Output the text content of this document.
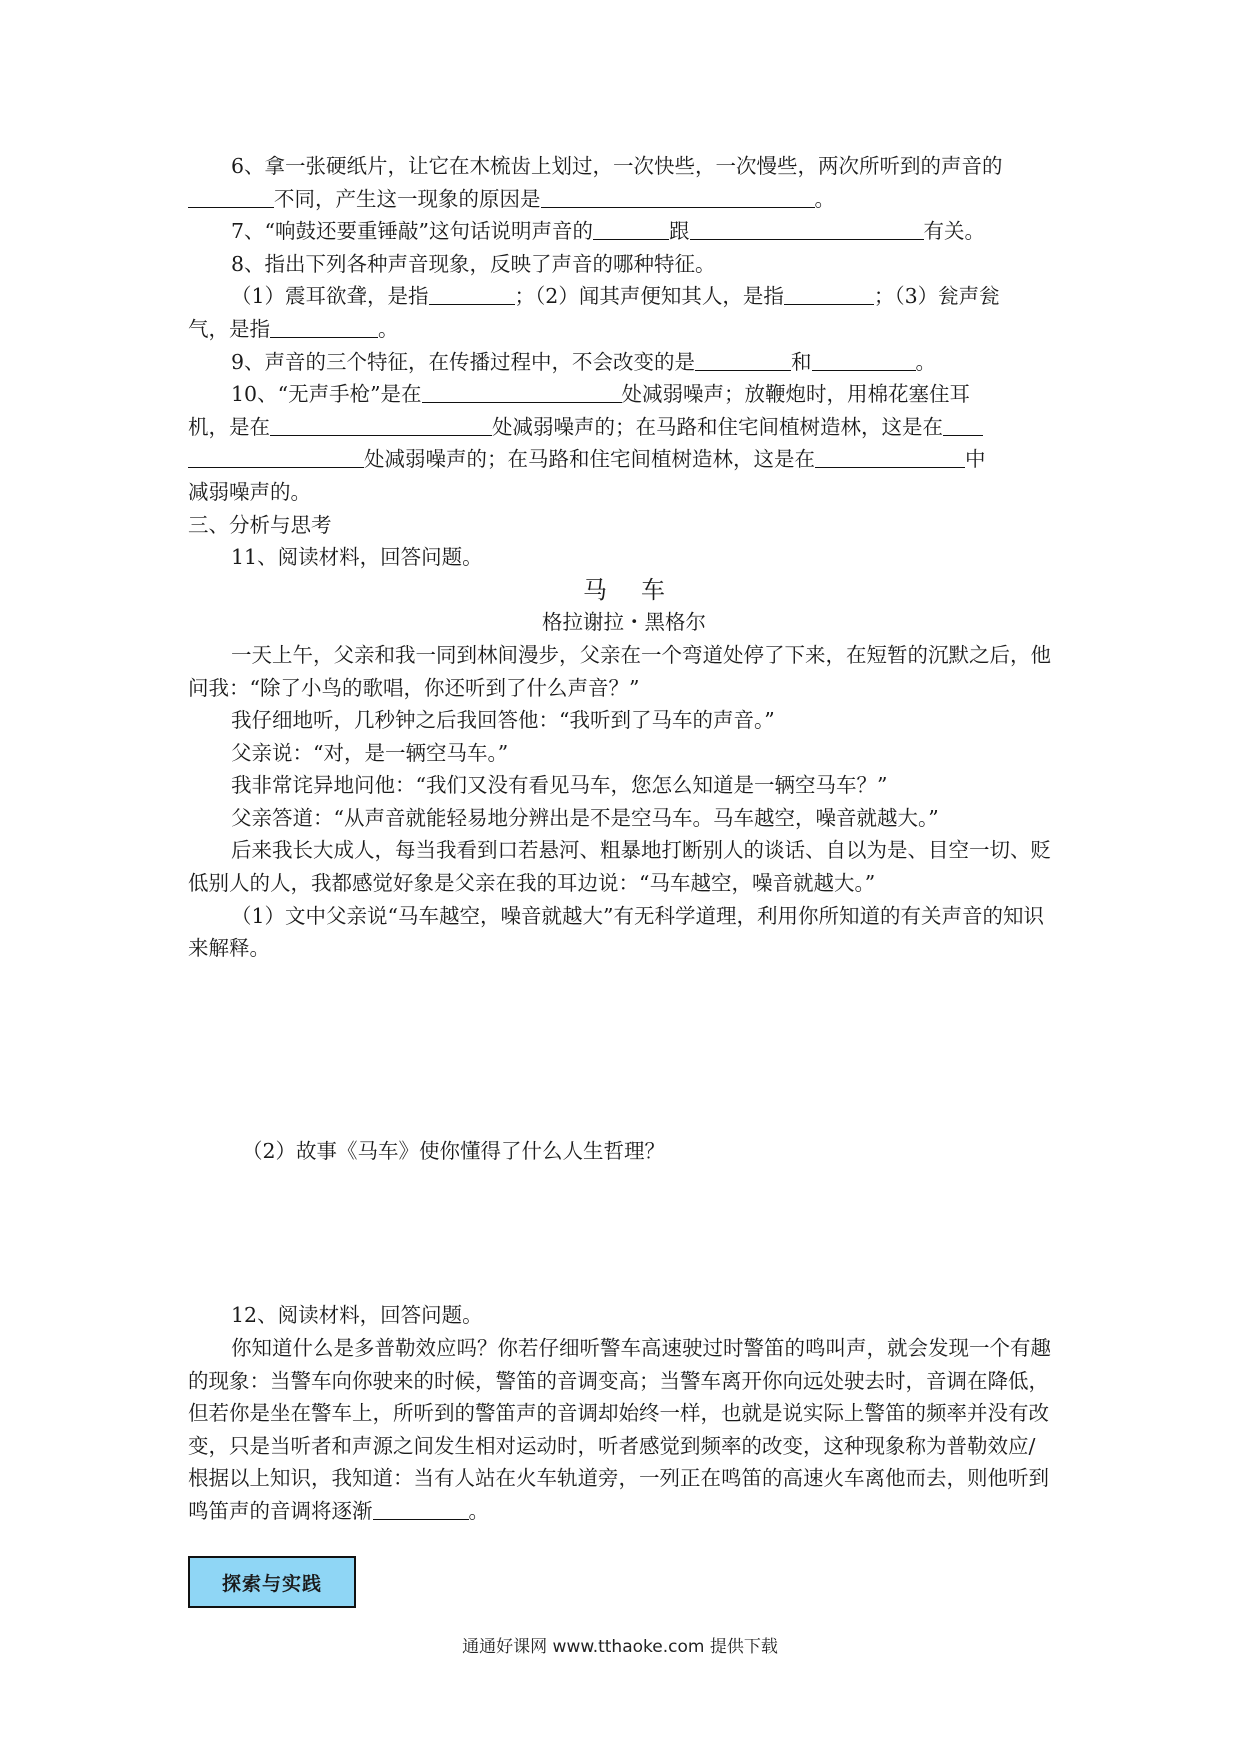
6、拿一张硬纸片，让它在木梳齿上划过，一次快些，一次慢些，两次所听到的声音的

不同，产生这一现象的原因是	。

7、“响鼓还要重锤敲”这句话说明声音的	跟	有关。

8、指出下列各种声音现象，反映了声音的哪种特征。

（1）震耳欲聋，是指	；（2）闻其声便知其人，是指	；（3）瓮声瓮

气，是指	。

9、声音的三个特征，在传播过程中，不会改变的是	和	。

10、“无声手枪”是在	处减弱噪声；放鞭炮时，用棉花塞住耳

机，是在	处减弱噪声的；在马路和住宅间植树造林，这是在

处减弱噪声的；在马路和住宅间植树造林，这是在	中

减弱噪声的。

三、分析与思考

11、阅读材料，回答问题。

马车

格拉谢拉・黑格尔

一天上午，父亲和我一同到林间漫步，父亲在一个弯道处停了下来，在短暂的沉默之后，他问我：“除了小鸟的歌唱，你还听到了什么声音？”

我仔细地听，几秒钟之后我回答他：“我听到了马车的声音。”

父亲说：“对，是一辆空马车。”

我非常诧异地问他：“我们又没有看见马车，您怎么知道是一辆空马车？”

父亲答道：“从声音就能轻易地分辨出是不是空马车。马车越空，噪音就越大。”

后来我长大成人，每当我看到口若悬河、粗暴地打断别人的谈话、自以为是、目空一切、贬低别人的人，我都感觉好象是父亲在我的耳边说：“马车越空，噪音就越大。”

（1）文中父亲说“马车越空，噪音就越大”有无科学道理，利用你所知道的有关声音的知识来解释。

（2）故事《马车》使你懂得了什么人生哲理？

12、阅读材料，回答问题。

你知道什么是多普勒效应吗？你若仔细听警车高速驶过时警笛的鸣叫声，就会发现一个有趣的现象：当警车向你驶来的时候，警笛的音调变高；当警车离开你向远处驶去时，音调在降低，但若你是坐在警车上，所听到的警笛声的音调却始终一样，也就是说实际上警笛的频率并没有改变，只是当听者和声源之间发生相对运动时，听者感觉到频率的改变，这种现象称为普勒效应/

根据以上知识，我知道：当有人站在火车轨道旁，一列正在鸣笛的高速火车离他而去，则他听到鸣笛声的音调将逐渐	。

探索与实践
通通好课网 www.tthaoke.com 提供下载
